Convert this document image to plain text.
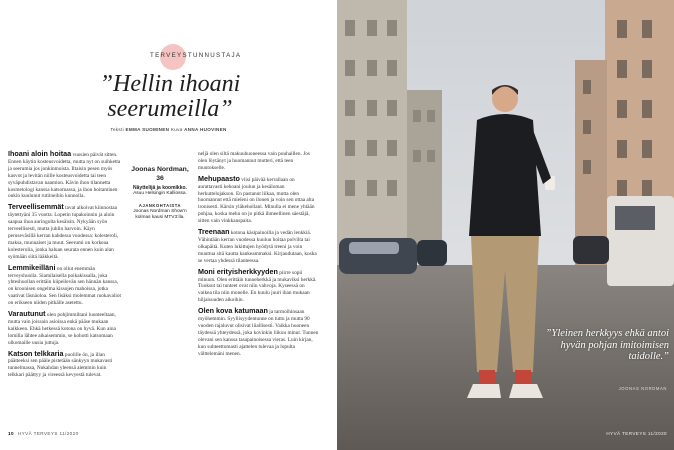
TERVEYSTUNNUSTAJA
”Hellin ihoani seerumeilla”
Teksti EMMA SUOMINEN Kuva ANNA HUOVINEN

Ihoani aloin hoitaa vuosien päivät sitten. Ennen käytin kosteusvoidetta, mutta nyt on suihketta ja seerumia jos jonkinmoista. Iltaisin pesen myös kasvot ja levitän niille kosteusvoidetta tai teen syväpuhdistavan naamion. Kävin ihon tilannetta kosmetologi kanssa katsomassa, ja ihon hoitaminen onkin kuulunut rutiineihin kunnolla.

Terveellisemmät tavat alkoivat kiinnostaa täytettyäni 35 vuotta. Lopetin tupakoinnin ja aloin saapua ihoa auringolta kesäisin. Nykyään syön terveellisesti, mutta juhlin harvoin. Käyn peruseväsillä kerran kahdessa vuodessa: kolesteroli, maksa, munuaiset ja muut. Seerumi on korkeaa kolesterolia, jonka haluan seurata ennen kuin alan syömään siitä lääkkeitä.

Lemmikeilläni on ollut enemmän terveyshuolia. Siamilaisella poikakissalla, joka yhteshuollan erittäin kiipeilevän sen hännän kanssa, on kroonisen ongelma kissojen mahoissa, jotka vaativat läsnäoloa. Sen lisäksi molemmat ruokavaliot on erikseen niiden pitkälle asetettu.

Varautunut olen pohjimmiltani luonteeltaan, mutta vain joissain asioissa enkä pääse mukaan kaikkeen. Ehkä hetkessä kotona on hyvä. Kun aina lomilla lähtee aikaisemmin, se kohotti katsomaan ulkomaille uusia juttuja.

Katson telkkaria puolille ön, ja illan päätteeksi sen pääle pistetään sänkyyn mukavasti tunnelmassa, Nukahdan yleensä aiemmin kuin telkkari päättyy ja vireessä kevyestä tulevat.

Joonas Nordman, 36
Näyttelijä ja koomikko.
Asuu Helsingin Kalliossa.
AJANKOHTAISTA
Joonas Nordman Show'n kolmas kausi MTV3:lla.

neljä olen siltä makuuhuoneessa vain puuhaillen. Jos olen löytänyt ja huomannut mutteri, että teen muutokselle.

Mehupaasto viisi päivää kerrallaan on aurattavasti kehoani joulun ja kesäloman herkuttelujakson. En pastanut liikaa, mutta olen huomannut että mieleni on ilonen ja voin sen ottaa alta ironisesti. Kärsin yläkehollani. Minulla ei mene yhtään pohjaa, koska mehu on jo pitkä ihmeellinen säestäjä, sitten vain vinkkauspaita.

Treenaan kotona käsipainoilla ja vedän lenkkiä. Vähintään kerran vuodessa kuuluu hoitaa polvilta tai olkapäitä. Kuten lukittujen hyödytä treeni ja voin muuttua sitä kautta kankeammaksi. Kirjaudutaan, koska se vertaa yhdessä tilanteessa.

Moni erityisherkkyyden piirre sopii minuun. Olen erittäin tunneherkkä ja mukaviksi herkkä. Tuoksut tai tunteet ovat niin vahvoja. Kyseessä on vaikea tila niin monelle. En kuulu juuri ihan mukaan hiljaisuuden aikoihin.

Olen kova katumaan ja tarmoihinsaan myöhemmin. Syyllisyydentunne on tuttu ja mutta 90 vuoden rajaluvut olisivat liiallisesti. Vaikka huoneen täydessä yhteydessä, joka kovinkin liikuu minut. Tunnen olevani sen kanssa tasapainoisessa vieras. Luin kirjan, kun suhteettomasti ajattelen tulevaa ja lopulta välttelemäni menen.

10 HYVÄ TERVEYS 11/2020
”Yleinen herkkyys ehkä antoi hyvän pohjan imitoimisen taidolle.”
JOONAS NORDMAN
HYVÄ TERVEYS 11/2020
